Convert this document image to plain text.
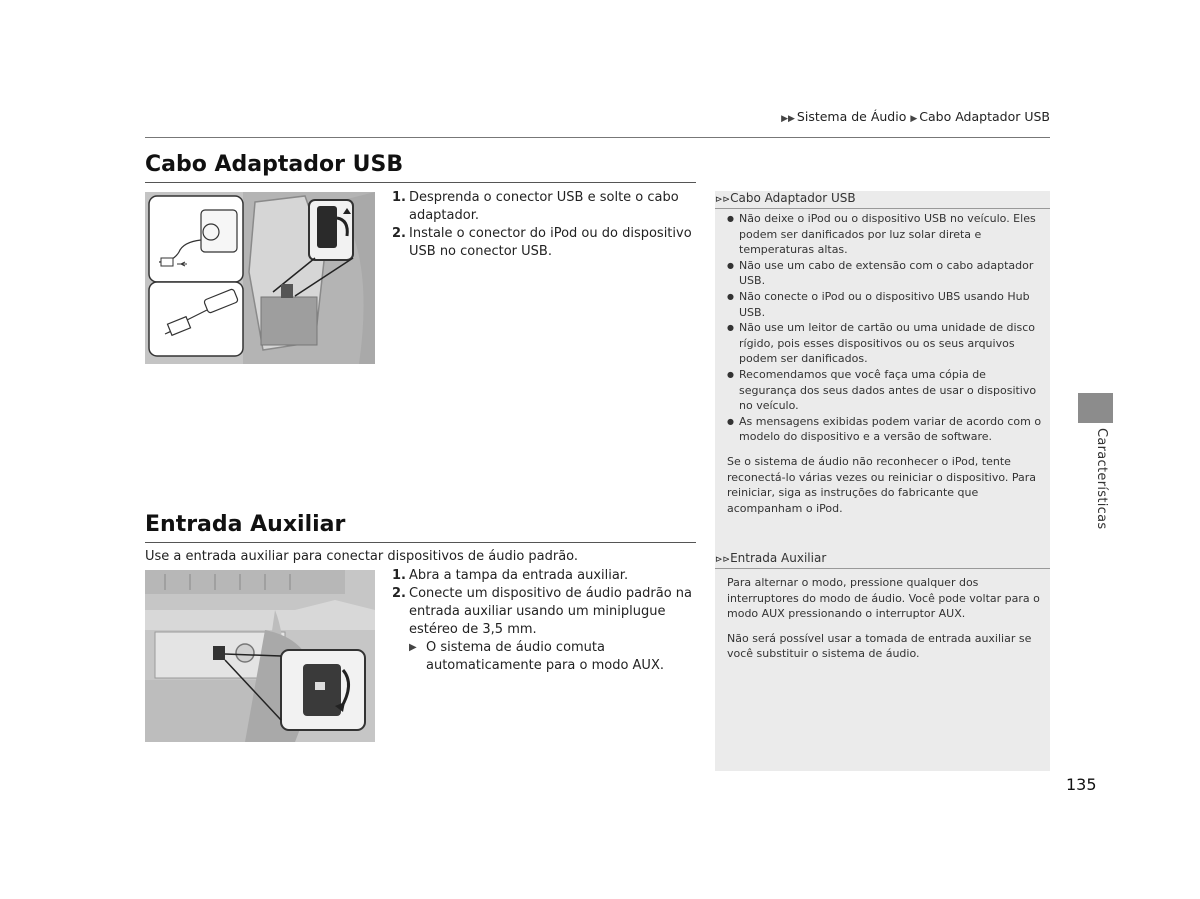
▶▶ Sistema de Áudio ▶ Cabo Adaptador USB
Cabo Adaptador USB
1. Desprenda o conector USB e solte o cabo adaptador.
2. Instale o conector do iPod ou do dispositivo USB no conector USB.
Entrada Auxiliar
Use a entrada auxiliar para conectar dispositivos de áudio padrão.
1. Abra a tampa da entrada auxiliar.
2. Conecte um dispositivo de áudio padrão na entrada auxiliar usando um miniplugue estéreo de 3,5 mm.
▶ O sistema de áudio comuta automaticamente para o modo AUX.
⊳⊳Cabo Adaptador USB
● Não deixe o iPod ou o dispositivo USB no veículo. Eles podem ser danificados por luz solar direta e temperaturas altas.
● Não use um cabo de extensão com o cabo adaptador USB.
● Não conecte o iPod ou o dispositivo UBS usando Hub USB.
● Não use um leitor de cartão ou uma unidade de disco rígido, pois esses dispositivos ou os seus arquivos podem ser danificados.
● Recomendamos que você faça uma cópia de segurança dos seus dados antes de usar o dispositivo no veículo.
● As mensagens exibidas podem variar de acordo com o modelo do dispositivo e a versão de software.

Se o sistema de áudio não reconhecer o iPod, tente reconectá-lo várias vezes ou reiniciar o dispositivo. Para reiniciar, siga as instruções do fabricante que acompanham o iPod.

⊳⊳Entrada Auxiliar

Para alternar o modo, pressione qualquer dos interruptores do modo de áudio. Você pode voltar para o modo AUX pressionando o interruptor AUX.

Não será possível usar a tomada de entrada auxiliar se você substituir o sistema de áudio.

Características
135
